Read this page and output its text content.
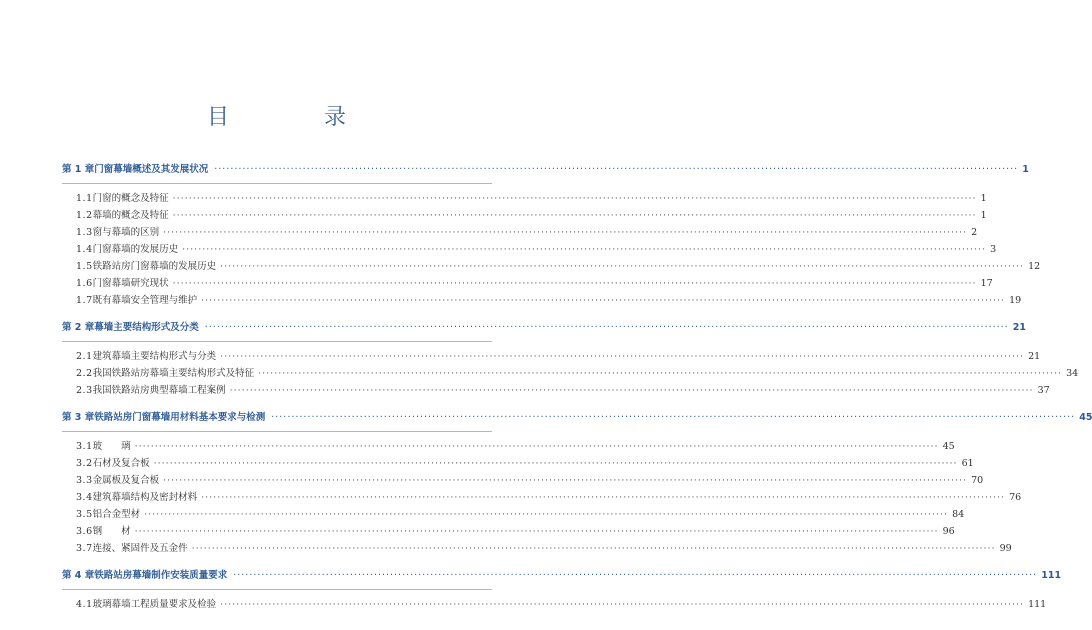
目 录
第 1 章 门窗幕墙概述及其发展状况 ········································································································································································································ 1
1.1 门窗的概念及特征 ········································································································································································································ 1
1.2 幕墙的概念及特征 ········································································································································································································ 1
1.3 窗与幕墙的区别 ········································································································································································································ 2
1.4 门窗幕墙的发展历史 ········································································································································································································ 3
1.5 铁路站房门窗幕墙的发展历史 ········································································································································································································ 12
1.6 门窗幕墙研究现状 ········································································································································································································ 17
1.7 既有幕墙安全管理与维护 ········································································································································································································ 19
第 2 章 幕墙主要结构形式及分类 ········································································································································································································ 21
2.1 建筑幕墙主要结构形式与分类 ········································································································································································································ 21
2.2 我国铁路站房幕墙主要结构形式及特征 ········································································································································································································ 34
2.3 我国铁路站房典型幕墙工程案例 ········································································································································································································ 37
第 3 章 铁路站房门窗幕墙用材料基本要求与检测 ········································································································································································································ 45
3.1 玻　　璃 ········································································································································································································ 45
3.2 石材及复合板 ········································································································································································································ 61
3.3 金属板及复合板 ········································································································································································································ 70
3.4 建筑幕墙结构及密封材料 ········································································································································································································ 76
3.5 铝合金型材 ········································································································································································································ 84
3.6 钢　　材 ········································································································································································································ 96
3.7 连接、紧固件及五金件 ········································································································································································································ 99
第 4 章 铁路站房幕墙制作安装质量要求 ········································································································································································································ 111
4.1 玻璃幕墙工程质量要求及检验 ········································································································································································································ 111
